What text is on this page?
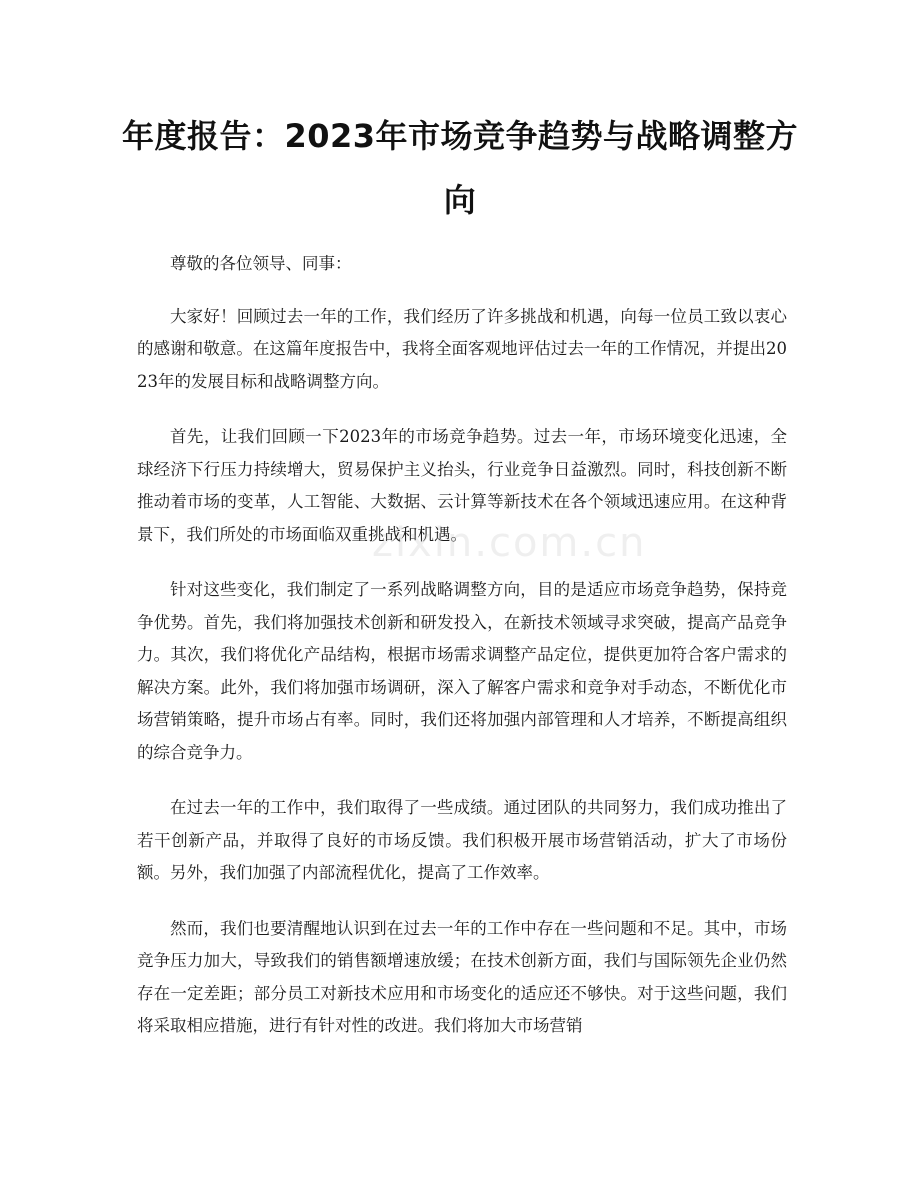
年度报告：2023年市场竞争趋势与战略调整方向

尊敬的各位领导、同事：

大家好！回顾过去一年的工作，我们经历了许多挑战和机遇，向每一位员工致以衷心的感谢和敬意。在这篇年度报告中，我将全面客观地评估过去一年的工作情况，并提出2023年的发展目标和战略调整方向。

首先，让我们回顾一下2023年的市场竞争趋势。过去一年，市场环境变化迅速，全球经济下行压力持续增大，贸易保护主义抬头，行业竞争日益激烈。同时，科技创新不断推动着市场的变革，人工智能、大数据、云计算等新技术在各个领域迅速应用。在这种背景下，我们所处的市场面临双重挑战和机遇。

针对这些变化，我们制定了一系列战略调整方向，目的是适应市场竞争趋势，保持竞争优势。首先，我们将加强技术创新和研发投入，在新技术领域寻求突破，提高产品竞争力。其次，我们将优化产品结构，根据市场需求调整产品定位，提供更加符合客户需求的解决方案。此外，我们将加强市场调研，深入了解客户需求和竞争对手动态，不断优化市场营销策略，提升市场占有率。同时，我们还将加强内部管理和人才培养，不断提高组织的综合竞争力。

在过去一年的工作中，我们取得了一些成绩。通过团队的共同努力，我们成功推出了若干创新产品，并取得了良好的市场反馈。我们积极开展市场营销活动，扩大了市场份额。另外，我们加强了内部流程优化，提高了工作效率。

然而，我们也要清醒地认识到在过去一年的工作中存在一些问题和不足。其中，市场竞争压力加大，导致我们的销售额增速放缓；在技术创新方面，我们与国际领先企业仍然存在一定差距；部分员工对新技术应用和市场变化的适应还不够快。对于这些问题，我们将采取相应措施，进行有针对性的改进。我们将加大市场营销

zixin.com.cn
